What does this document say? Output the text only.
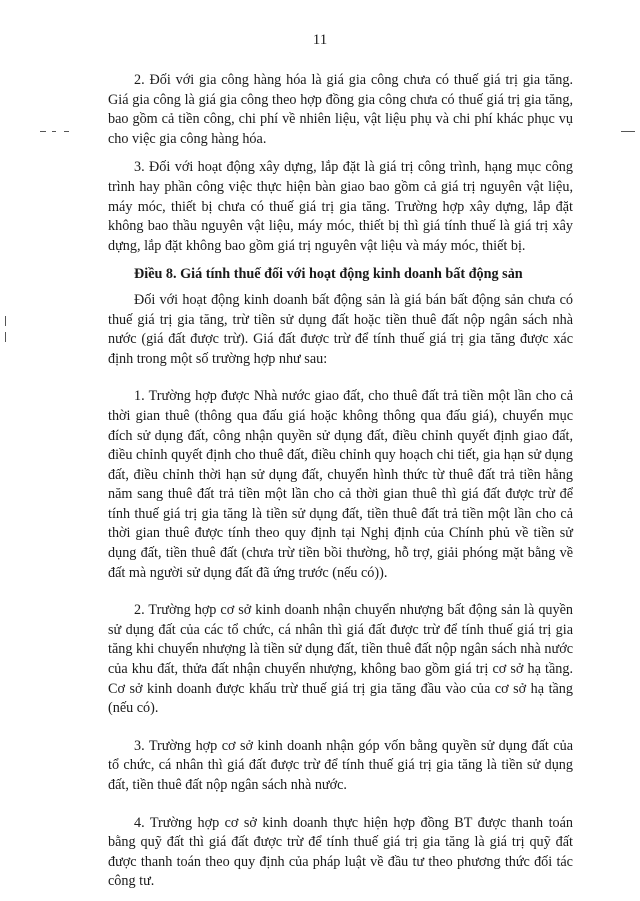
11

2. Đối với gia công hàng hóa là giá gia công chưa có thuế giá trị gia tăng. Giá gia công là giá gia công theo hợp đồng gia công chưa có thuế giá trị gia tăng, bao gồm cả tiền công, chi phí về nhiên liệu, vật liệu phụ và chi phí khác phục vụ cho việc gia công hàng hóa.

3. Đối với hoạt động xây dựng, lắp đặt là giá trị công trình, hạng mục công trình hay phần công việc thực hiện bàn giao bao gồm cả giá trị nguyên vật liệu, máy móc, thiết bị chưa có thuế giá trị gia tăng. Trường hợp xây dựng, lắp đặt không bao thầu nguyên vật liệu, máy móc, thiết bị thì giá tính thuế là giá trị xây dựng, lắp đặt không bao gồm giá trị nguyên vật liệu và máy móc, thiết bị.

Điều 8. Giá tính thuế đối với hoạt động kinh doanh bất động sản

Đối với hoạt động kinh doanh bất động sản là giá bán bất động sản chưa có thuế giá trị gia tăng, trừ tiền sử dụng đất hoặc tiền thuê đất nộp ngân sách nhà nước (giá đất được trừ). Giá đất được trừ để tính thuế giá trị gia tăng được xác định trong một số trường hợp như sau:

1. Trường hợp được Nhà nước giao đất, cho thuê đất trả tiền một lần cho cả thời gian thuê (thông qua đấu giá hoặc không thông qua đấu giá), chuyển mục đích sử dụng đất, công nhận quyền sử dụng đất, điều chỉnh quyết định giao đất, điều chỉnh quyết định cho thuê đất, điều chỉnh quy hoạch chi tiết, gia hạn sử dụng đất, điều chỉnh thời hạn sử dụng đất, chuyển hình thức từ thuê đất trả tiền hằng năm sang thuê đất trả tiền một lần cho cả thời gian thuê thì giá đất được trừ để tính thuế giá trị gia tăng là tiền sử dụng đất, tiền thuê đất trả tiền một lần cho cả thời gian thuê được tính theo quy định tại Nghị định của Chính phủ về tiền sử dụng đất, tiền thuê đất (chưa trừ tiền bồi thường, hỗ trợ, giải phóng mặt bằng về đất mà người sử dụng đất đã ứng trước (nếu có)).

2. Trường hợp cơ sở kinh doanh nhận chuyển nhượng bất động sản là quyền sử dụng đất của các tổ chức, cá nhân thì giá đất được trừ để tính thuế giá trị gia tăng khi chuyển nhượng là tiền sử dụng đất, tiền thuê đất nộp ngân sách nhà nước của khu đất, thửa đất nhận chuyển nhượng, không bao gồm giá trị cơ sở hạ tầng. Cơ sở kinh doanh được khấu trừ thuế giá trị gia tăng đầu vào của cơ sở hạ tầng (nếu có).

3. Trường hợp cơ sở kinh doanh nhận góp vốn bằng quyền sử dụng đất của tổ chức, cá nhân thì giá đất được trừ để tính thuế giá trị gia tăng là tiền sử dụng đất, tiền thuê đất nộp ngân sách nhà nước.

4. Trường hợp cơ sở kinh doanh thực hiện hợp đồng BT được thanh toán bằng quỹ đất thì giá đất được trừ để tính thuế giá trị gia tăng là giá trị quỹ đất được thanh toán theo quy định của pháp luật về đầu tư theo phương thức đối tác công tư.
